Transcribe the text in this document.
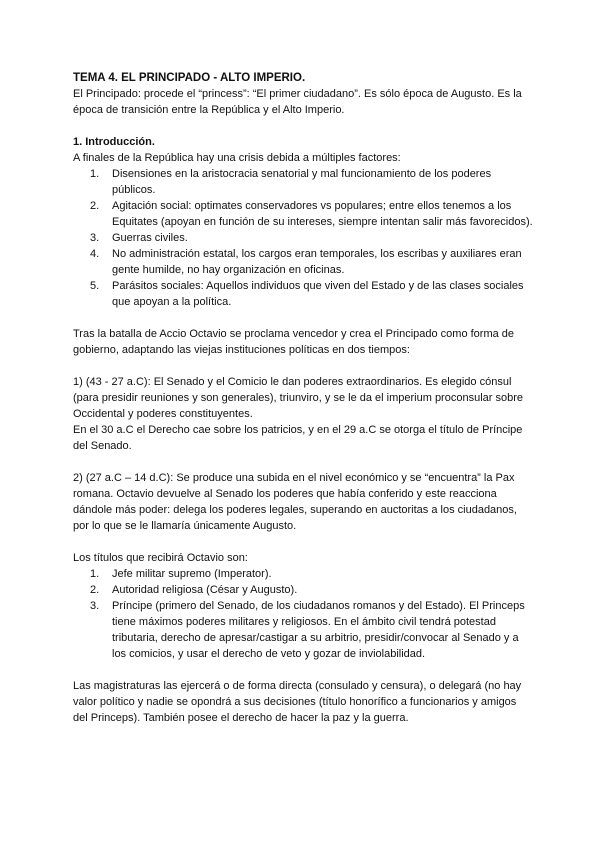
TEMA 4. EL PRINCIPADO - ALTO IMPERIO.

El Principado: procede el “princess”: “El primer ciudadano”. Es sólo época de Augusto. Es la época de transición entre la República y el Alto Imperio.

1. Introducción.

A finales de la República hay una crisis debida a múltiples factores:

1. Disensiones en la aristocracia senatorial y mal funcionamiento de los poderes públicos.
2. Agitación social: optimates conservadores vs populares; entre ellos tenemos a los Equitates (apoyan en función de su intereses, siempre intentan salir más favorecidos).
3. Guerras civiles.
4. No administración estatal, los cargos eran temporales, los escribas y auxiliares eran gente humilde, no hay organización en oficinas.
5. Parásitos sociales: Aquellos individuos que viven del Estado y de las clases sociales que apoyan a la política.

Tras la batalla de Accio Octavio se proclama vencedor y crea el Principado como forma de gobierno, adaptando las viejas instituciones políticas en dos tiempos:

1) (43 - 27 a.C): El Senado y el Comicio le dan poderes extraordinarios. Es elegido cónsul (para presidir reuniones y son generales), triunviro, y se le da el imperium proconsular sobre Occidental y poderes constituyentes.

En el 30 a.C el Derecho cae sobre los patricios, y en el 29 a.C se otorga el título de Príncipe del Senado.

2) (27 a.C – 14 d.C): Se produce una subida en el nivel económico y se “encuentra” la Pax romana. Octavio devuelve al Senado los poderes que había conferido y este reacciona dándole más poder: delega los poderes legales, superando en auctoritas a los ciudadanos, por lo que se le llamaría únicamente Augusto.

Los títulos que recibirá Octavio son:

1. Jefe militar supremo (Imperator).
2. Autoridad religiosa (César y Augusto).
3. Príncipe (primero del Senado, de los ciudadanos romanos y del Estado). El Princeps tiene máximos poderes militares y religiosos. En el ámbito civil tendrá potestad tributaria, derecho de apresar/castigar a su arbitrio, presidir/convocar al Senado y a los comicios, y usar el derecho de veto y gozar de inviolabilidad.

Las magistraturas las ejercerá o de forma directa (consulado y censura), o delegará (no hay valor político y nadie se opondrá a sus decisiones (título honorífico a funcionarios y amigos del Princeps). También posee el derecho de hacer la paz y la guerra.
